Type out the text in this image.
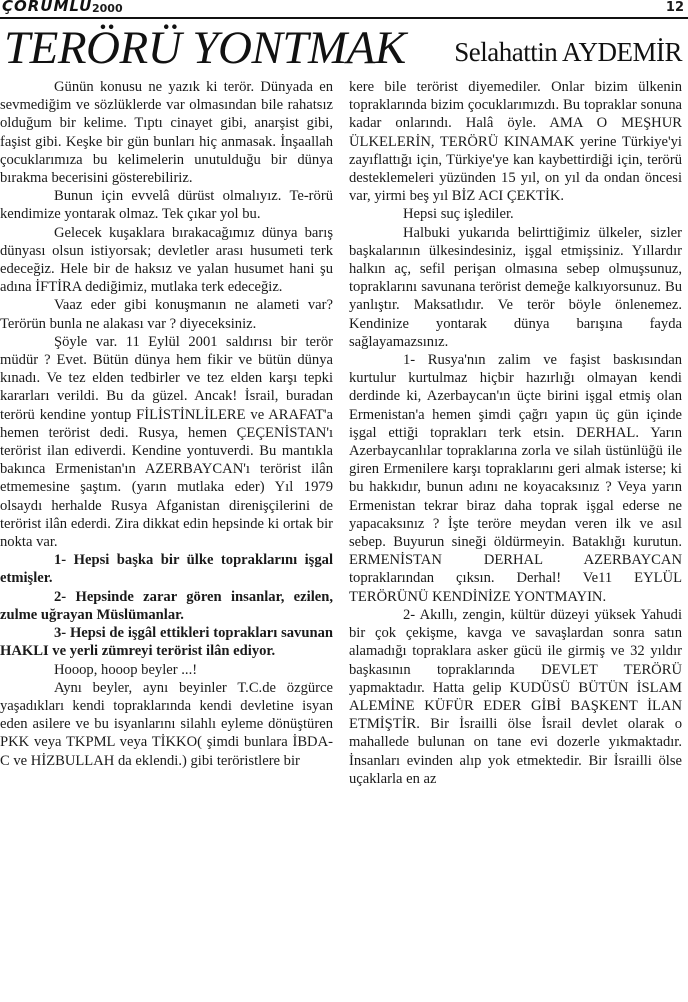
ÇORUMLU 2000	12
TERÖRÜ YONTMAK Selahattin AYDEMİR

Günün konusu ne yazık ki terör. Dünyada en sevmediğim ve sözlüklerde var olmasından bile rahatsız olduğum bir kelime. Tıptı cinayet gibi, anarşist gibi, faşist gibi. Keşke bir gün bunları hiç anmasak. İnşaallah çocuklarımıza bu kelimelerin unutulduğu bir dünya bırakma becerisini gösterebiliriz.

Bunun için evvelâ dürüst olmalıyız. Te-rörü kendimize yontarak olmaz. Tek çıkar yol bu.

Gelecek kuşaklara bırakacağımız dünya barış dünyası olsun istiyorsak; devletler arası husumeti terk edeceğiz. Hele bir de haksız ve yalan husumet hani şu adına İFTİRA dediğimiz, mutlaka terk edeceğiz.

Vaaz eder gibi konuşmanın ne alameti var? Terörün bunla ne alakası var ? diyeceksiniz.

Şöyle var. 11 Eylül 2001 saldırısı bir terör müdür ? Evet. Bütün dünya hem fikir ve bütün dünya kınadı. Ve tez elden tedbirler ve tez elden karşı tepki kararları verildi. Bu da güzel. Ancak! İsrail, buradan terörü kendine yontup FİLİSTİNLİLERE ve ARAFAT'a hemen terörist dedi. Rusya, hemen ÇEÇENİSTAN'ı terörist ilan ediverdi. Kendine yontuverdi. Bu mantıkla bakınca Ermenistan'ın AZERBAYCAN'ı terörist ilân etmemesine şaştım. (yarın mutlaka eder) Yıl 1979 olsaydı herhalde Rusya Afganistan direnişçilerini de terörist ilân ederdi. Zira dikkat edin hepsinde ki ortak bir nokta var.

1- Hepsi başka bir ülke topraklarını işgal etmişler.

2- Hepsinde zarar gören insanlar, ezilen, zulme uğrayan Müslümanlar.

3- Hepsi de işgâl ettikleri toprakları savunan HAKLI ve yerli zümreyi terörist ilân ediyor.

Hooop, hooop beyler ...!

Aynı beyler, aynı beyinler T.C.de özgürce yaşadıkları kendi topraklarında kendi devletine isyan eden asilere ve bu isyanlarını silahlı eyleme dönüştüren PKK veya TKPML veya TİKKO( şimdi bunlara İBDA-C ve HİZBULLAH da eklendi.) gibi teröristlere bir

kere bile terörist diyemediler. Onlar bizim ülkenin topraklarında bizim çocuklarımızdı. Bu topraklar sonuna kadar onlarındı. Halâ öyle. AMA O MEŞHUR ÜLKELERİN, TERÖRÜ KINAMAK yerine Türkiye'yi zayıflattığı için, Türkiye'ye kan kaybettirdiği için, terörü desteklemeleri yüzünden 15 yıl, on yıl da ondan öncesi var, yirmi beş yıl BİZ ACI ÇEKTİK.

Hepsi suç işlediler.

Halbuki yukarıda belirttiğimiz ülkeler, sizler başkalarının ülkesindesiniz, işgal etmişsiniz. Yıllardır halkın aç, sefil perişan olmasına sebep olmuşsunuz, topraklarını savunana terörist demeğe kalkıyorsunuz. Bu yanlıştır. Maksatlıdır. Ve terör böyle önlenemez. Kendinize yontarak dünya barışına fayda sağlayamazsınız.

1- Rusya'nın zalim ve faşist baskısından kurtulur kurtulmaz hiçbir hazırlığı olmayan kendi derdinde ki, Azerbaycan'ın üçte birini işgal etmiş olan Ermenistan'a hemen şimdi çağrı yapın üç gün içinde işgal ettiği toprakları terk etsin. DERHAL. Yarın Azerbaycanlılar topraklarına zorla ve silah üstünlüğü ile giren Ermenilere karşı topraklarını geri almak isterse; ki bu hakkıdır, bunun adını ne koyacaksınız ? Veya yarın Ermenistan tekrar biraz daha toprak işgal ederse ne yapacaksınız ? İşte teröre meydan veren ilk ve asıl sebep. Buyurun sineği öldürmeyin. Bataklığı kurutun. ERMENİSTAN DERHAL AZERBAYCAN topraklarından çıksın. Derhal! Ve11 EYLÜL TERÖRÜNÜ KENDİNİZE YONTMAYIN.

2- Akıllı, zengin, kültür düzeyi yüksek Yahudi bir çok çekişme, kavga ve savaşlardan sonra satın alamadığı topraklara asker gücü ile girmiş ve 32 yıldır başkasının topraklarında DEVLET TERÖRÜ yapmaktadır. Hatta gelip KUDÜSÜ BÜTÜN İSLAM ALEMİNE KÜFÜR EDER GİBİ BAŞKENT İLAN ETMİŞTİR. Bir İsrailli ölse İsrail devlet olarak o mahallede bulunan on tane evi dozerle yıkmaktadır. İnsanları evinden alıp yok etmektedir. Bir İsrailli ölse uçaklarla en az
